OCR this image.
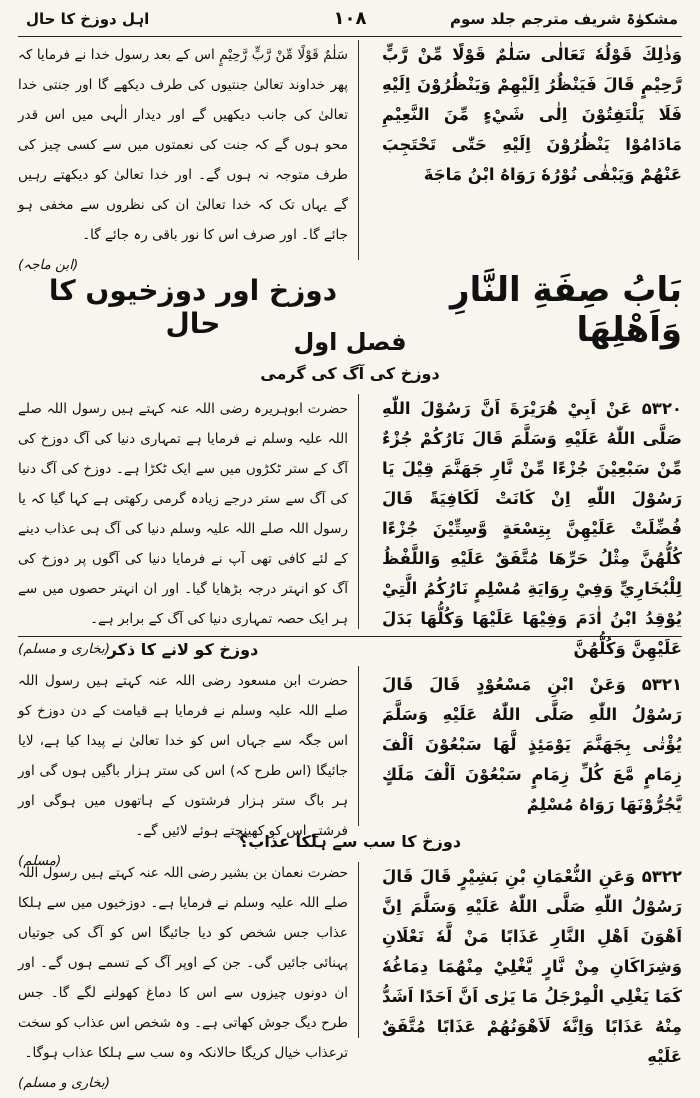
مشکوٰۃ شریف مترجم جلد سوم
۱۰۸
اہل دوزخ کا حال

وَذٰلِكَ قَوْلُهٗ تَعَالٰی سَلٰمٌ قَوْلًا مِّنْ رَّبٍّ رَّحِيْمٍ قَالَ فَيَنْظُرُ اِلَيْهِمْ وَيَنْظُرُوْنَ اِلَيْهِ فَلَا يَلْتَفِتُوْنَ اِلٰی شَيْءٍ مِّنَ النَّعِيْمِ مَادَامُوْا يَنْظُرُوْنَ اِلَيْهِ حَتّٰی تَحْتَجِبَ عَنْهُمْ وَيَبْقٰی نُوْرُهٗ رَوَاهُ ابْنُ مَاجَةَ

سَلٰمٌ قَوْلًا مِّنْ رَّبٍّ رَّحِيْمٍ اس کے بعد رسول خدا نے فرمایا کہ پھر خداوند تعالیٰ جنتیوں کی طرف دیکھے گا اور جنتی خدا تعالیٰ کی جانب دیکھیں گے اور دیدار الٰہی میں اس قدر محو ہوں گے کہ جنت کی نعمتوں میں سے کسی چیز کی طرف متوجہ نہ ہوں گے۔ اور خدا تعالیٰ کو دیکھتے رہیں گے یہاں تک کہ خدا تعالیٰ ان کی نظروں سے مخفی ہو جائے گا۔ اور صرف اس کا نور باقی رہ جائے گا۔

(ابن ماجہ)
بَابُ صِفَةِ النَّارِ وَاَهْلِهَا
دوزخ اور دوزخیوں کا حال
فصل اول
دوزخ کی آگ کی گرمی

۵۳۲۰ عَنْ اَبِيْ هُرَيْرَةَ اَنَّ رَسُوْلَ اللّٰهِ صَلَّى اللّٰهُ عَلَيْهِ وَسَلَّمَ قَالَ نَارُكُمْ جُزْءٌ مِّنْ سَبْعِيْنَ جُزْءًا مِّنْ نَّارِ جَهَنَّمَ قِيْلَ يَا رَسُوْلَ اللّٰهِ اِنْ كَانَتْ لَكَافِيَةً قَالَ فُضِّلَتْ عَلَيْهِنَّ بِتِسْعَةٍ وَّسِتِّيْنَ جُزْءًا كُلُّهُنَّ مِثْلُ حَرِّهَا مُتَّفَقٌ عَلَيْهِ وَاللَّفْظُ لِلْبُخَارِيِّ وَفِيْ رِوَايَةِ مُسْلِمٍ نَارُكُمُ الَّتِيْ يُوْقِدُ ابْنُ اٰدَمَ وَفِيْهَا عَلَيْهَا وَكُلُّهَا بَدَلَ عَلَيْهِنَّ وَكُلُّهُنَّ

حضرت ابوہریرہ رضی اللہ عنہ کہتے ہیں رسول اللہ صلے اللہ علیہ وسلم نے فرمایا ہے تمہاری دنیا کی آگ دوزخ کی آگ کے ستر ٹکڑوں میں سے ایک ٹکڑا ہے۔ دوزخ کی آگ دنیا کی آگ سے ستر درجے زیادہ گرمی رکھتی ہے کہا گیا کہ یا رسول اللہ صلے اللہ علیہ وسلم دنیا کی آگ ہی عذاب دینے کے لئے کافی تھی آپ نے فرمایا دنیا کی آگوں پر دوزخ کی آگ کو انہتر درجہ بڑھایا گیا۔ اور ان انہتر حصوں میں سے ہر ایک حصہ تمہاری دنیا کی آگ کے برابر ہے۔

(بخاری و مسلم)
دوزخ کو لانے کا ذکر

۵۳۲۱ وَعَنْ ابْنِ مَسْعُوْدٍ قَالَ قَالَ رَسُوْلُ اللّٰهِ صَلَّى اللّٰهُ عَلَيْهِ وَسَلَّمَ يُؤْتٰى بِجَهَنَّمَ يَوْمَئِذٍ لَّهَا سَبْعُوْنَ اَلْفَ زِمَامٍ مَّعَ كُلِّ زِمَامٍ سَبْعُوْنَ اَلْفَ مَلَكٍ يَّجُرُّوْنَهَا رَوَاهُ مُسْلِمٌ

حضرت ابن مسعود رضی اللہ عنہ کہتے ہیں رسول اللہ صلے اللہ علیہ وسلم نے فرمایا ہے قیامت کے دن دوزخ کو اس جگہ سے جہاں اس کو خدا تعالیٰ نے پیدا کیا ہے، لایا جائیگا (اس طرح کہ) اس کی ستر ہزار باگیں ہوں گی اور ہر باگ ستر ہزار فرشتوں کے ہاتھوں میں ہوگی اور فرشتے اس کو کھینچتے ہوئے لائیں گے۔

(مسلم)
دوزخ کا سب سے ہلکا عذاب؟

۵۳۲۲ وَعَنِ النُّعْمَانِ بْنِ بَشِيْرٍ قَالَ قَالَ رَسُوْلُ اللّٰهِ صَلَّى اللّٰهُ عَلَيْهِ وَسَلَّمَ اِنَّ اَهْوَنَ اَهْلِ النَّارِ عَذَابًا مَنْ لَّهٗ نَعْلَانِ وَشِرَاكَانِ مِنْ نَّارٍ يَّغْلِيْ مِنْهُمَا دِمَاغُهٗ كَمَا يَغْلِي الْمِرْجَلُ مَا يَرٰی اَنَّ اَحَدًا اَشَدُّ مِنْهُ عَذَابًا وَاِنَّهٗ لَاَهْوَنُهُمْ عَذَابًا مُتَّفَقٌ عَلَيْهِ

حضرت نعمان بن بشیر رضی اللہ عنہ کہتے ہیں رسول اللہ صلے اللہ علیہ وسلم نے فرمایا ہے۔ دوزخیوں میں سے ہلکا عذاب جس شخص کو دیا جائیگا اس کو آگ کی جوتیاں پہنائی جائیں گی۔ جن کے اوپر آگ کے تسمے ہوں گے۔ اور ان دونوں چیزوں سے اس کا دماغ کھولنے لگے گا۔ جس طرح دیگ جوش کھاتی ہے۔ وہ شخص اس عذاب کو سخت ترعذاب خیال کریگا حالانکہ وہ سب سے ہلکا عذاب ہوگا۔

(بخاری و مسلم)
